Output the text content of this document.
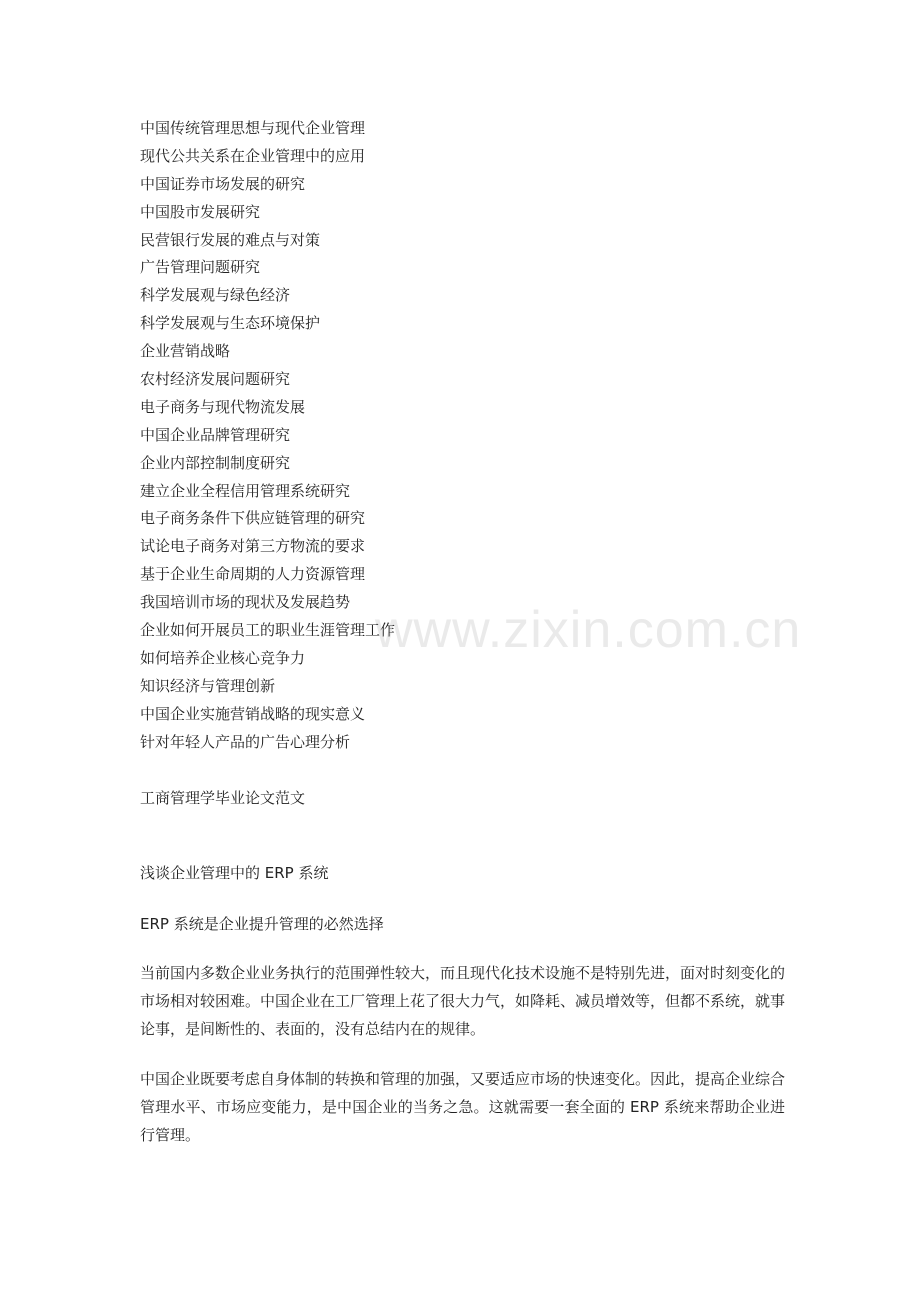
中国传统管理思想与现代企业管理
现代公共关系在企业管理中的应用
中国证券市场发展的研究
中国股市发展研究
民营银行发展的难点与对策
广告管理问题研究
科学发展观与绿色经济
科学发展观与生态环境保护
企业营销战略
农村经济发展问题研究
电子商务与现代物流发展
中国企业品牌管理研究
企业内部控制制度研究
建立企业全程信用管理系统研究
电子商务条件下供应链管理的研究
试论电子商务对第三方物流的要求
基于企业生命周期的人力资源管理
我国培训市场的现状及发展趋势
企业如何开展员工的职业生涯管理工作
如何培养企业核心竞争力
知识经济与管理创新
中国企业实施营销战略的现实意义
针对年轻人产品的广告心理分析
工商管理学毕业论文范文
浅谈企业管理中的 ERP 系统

ERP 系统是企业提升管理的必然选择

当前国内多数企业业务执行的范围弹性较大，而且现代化技术设施不是特别先进，面对时刻变化的市场相对较困难。中国企业在工厂管理上花了很大力气，如降耗、减员增效等，但都不系统，就事论事，是间断性的、表面的，没有总结内在的规律。

中国企业既要考虑自身体制的转换和管理的加强，又要适应市场的快速变化。因此，提高企业综合管理水平、市场应变能力，是中国企业的当务之急。这就需要一套全面的 ERP 系统来帮助企业进行管理。

www.zixin.com.cn
